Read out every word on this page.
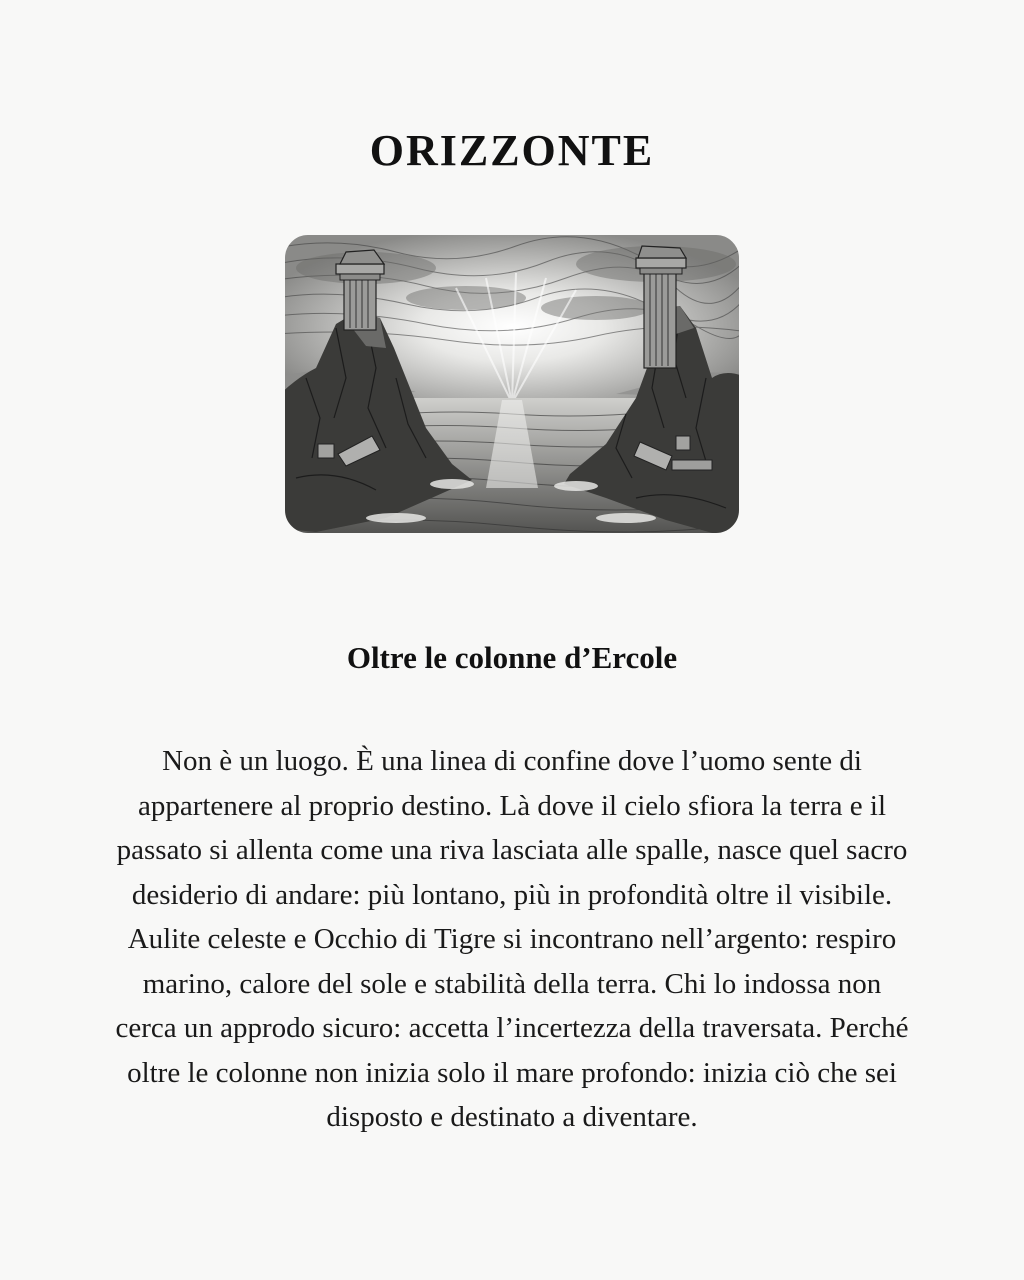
ORIZZONTE
Oltre le colonne d’Ercole

Non è un luogo. È una linea di confine dove l’uomo sente di appartenere al proprio destino. Là dove il cielo sfiora la terra e il passato si allenta come una riva lasciata alle spalle, nasce quel sacro desiderio di andare: più lontano, più in profondità oltre il visibile. Aulite celeste e Occhio di Tigre si incontrano nell’argento: respiro marino, calore del sole e stabilità della terra. Chi lo indossa non cerca un approdo sicuro: accetta l’incertezza della traversata. Perché oltre le colonne non inizia solo il mare profondo: inizia ciò che sei disposto e destinato a diventare.
